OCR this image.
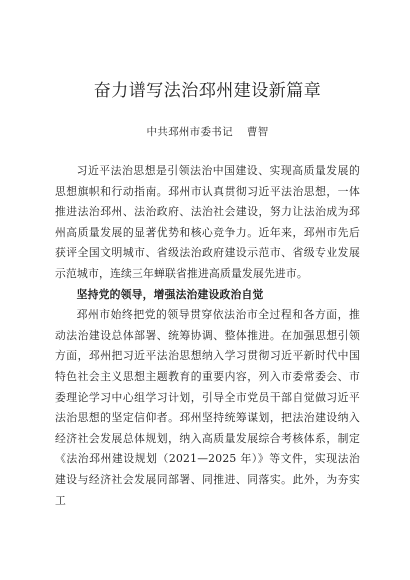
奋力谱写法治邳州建设新篇章
中共邳州市委书记 曹智

习近平法治思想是引领法治中国建设、实现高质量发展的思想旗帜和行动指南。邳州市认真贯彻习近平法治思想，一体推进法治邳州、法治政府、法治社会建设，努力让法治成为邳州高质量发展的显著优势和核心竞争力。近年来，邳州市先后获评全国文明城市、省级法治政府建设示范市、省级专业发展示范城市，连续三年蝉联省推进高质量发展先进市。

坚持党的领导，增强法治建设政治自觉

邳州市始终把党的领导贯穿依法治市全过程和各方面，推动法治建设总体部署、统筹协调、整体推进。在加强思想引领方面，邳州把习近平法治思想纳入学习贯彻习近平新时代中国特色社会主义思想主题教育的重要内容，列入市委常委会、市委理论学习中心组学习计划，引导全市党员干部自觉做习近平法治思想的坚定信仰者。邳州坚持统筹谋划，把法治建设纳入经济社会发展总体规划，纳入高质量发展综合考核体系，制定《法治邳州建设规划（2021—2025 年）》等文件，实现法治建设与经济社会发展同部署、同推进、同落实。此外，为夯实工
